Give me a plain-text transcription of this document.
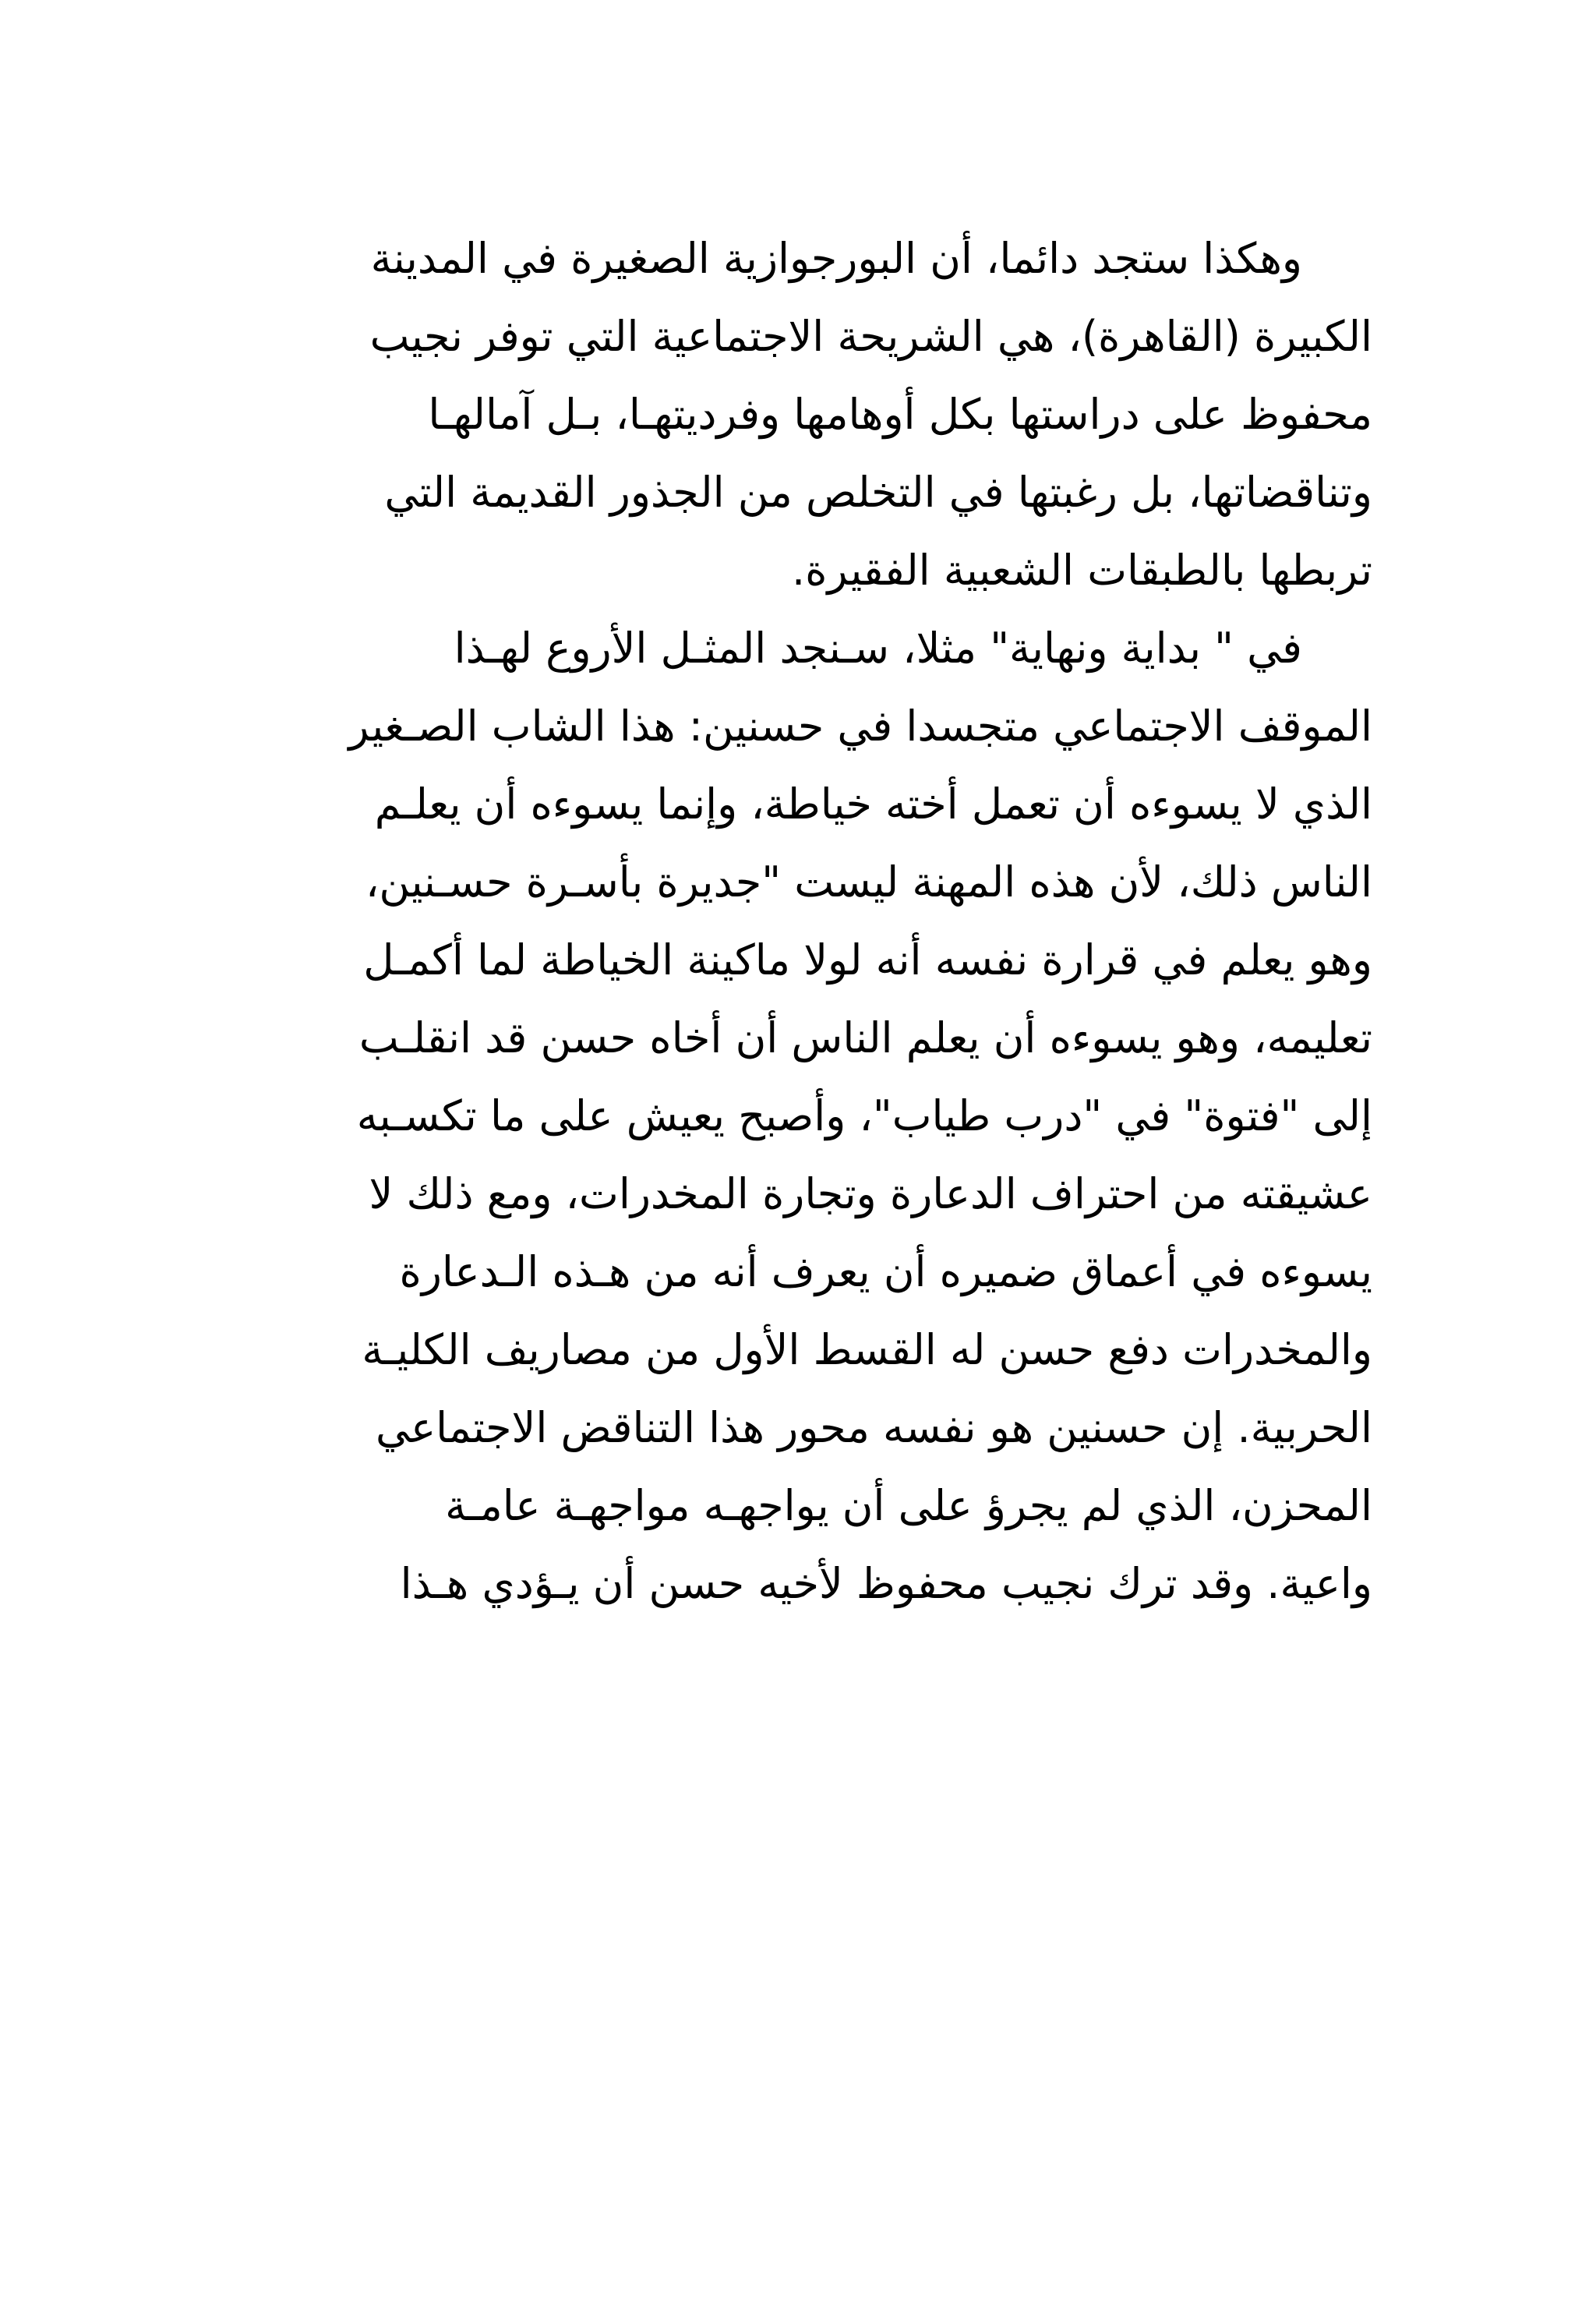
وهكذا ستجد دائما، أن البورجوازية الصغيرة في المدينة
الكبيرة (القاهرة)، هي الشريحة الاجتماعية التي توفر نجيب
محفوظ على دراستها بكل أوهامها وفرديتهـا، بـل آمالهـا
وتناقضاتها، بل رغبتها في التخلص من الجذور القديمة التي
تربطها بالطبقات الشعبية الفقيرة.
في " بداية ونهاية" مثلا، سـنجد المثـل الأروع لهـذا
الموقف الاجتماعي متجسدا في حسنين: هذا الشاب الصـغير
الذي لا يسوءه أن تعمل أخته خياطة، وإنما يسوءه أن يعلـم
الناس ذلك، لأن هذه المهنة ليست "جديرة بأسـرة حسـنين،
وهو يعلم في قرارة نفسه أنه لولا ماكينة الخياطة لما أكمـل
تعليمه، وهو يسوءه أن يعلم الناس أن أخاه حسن قد انقلـب
إلى "فتوة" في "درب طياب"، وأصبح يعيش على ما تكسـبه
عشيقته من احتراف الدعارة وتجارة المخدرات، ومع ذلك لا
يسوءه في أعماق ضميره أن يعرف أنه من هـذه الـدعارة
والمخدرات دفع حسن له القسط الأول من مصاريف الكليـة
الحربية. إن حسنين هو نفسه محور هذا التناقض الاجتماعي
المحزن، الذي لم يجرؤ على أن يواجهـه مواجهـة عامـة
واعية. وقد ترك نجيب محفوظ لأخيه حسن أن يـؤدي هـذا
